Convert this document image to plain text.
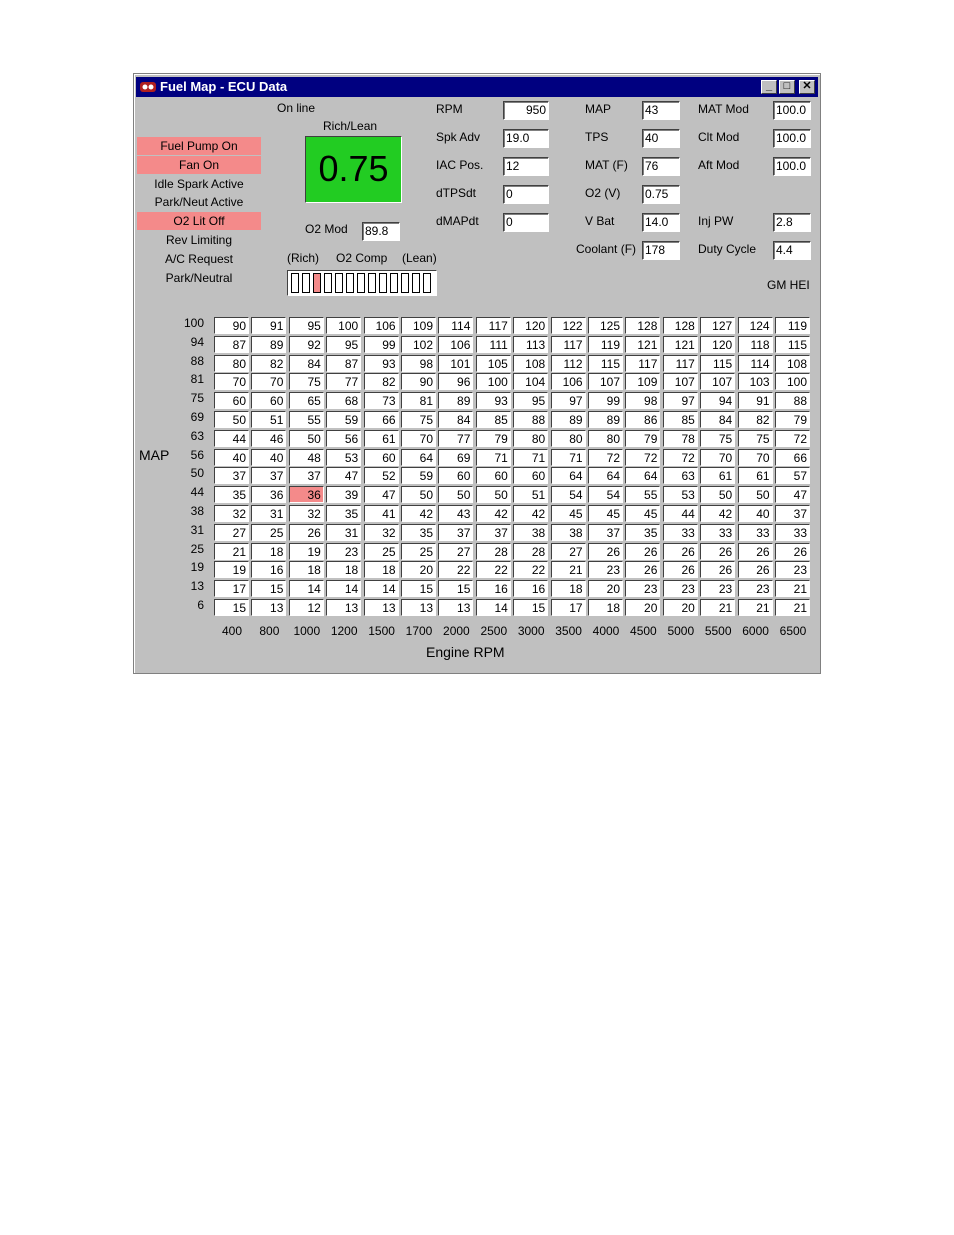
Fuel Map - ECU Data	_	□	✕
On line
Rich/Lean
0.75
Fuel Pump On
Fan On
Idle Spark Active
Park/Neut Active
O2 Lit Off
Rev Limiting
A/C Request
Park/Neutral
O2 Mod 89.8
(Rich) O2 Comp (Lean)
RPM	950
Spk Adv 19.0
IAC Pos. 12
dTPSdt 0
dMAPdt 0
MAP	43
TPS	40
MAT (F) 76
O2 (V) 0.75
V Bat	14.0
Coolant (F) 178
MAT Mod 100.0
Clt Mod	100.0
Aft Mod	100.0
Inj PW	2.8
Duty Cycle 4.4
GM HEI
MAP
100
94
88
81
75
69
63
56
50
44
38
31
25
19
13
6
90	91	95	100	106	109	114	117	120	122	125	128	128	127	124	119
87	89	92	95	99	102	106	111	113	117	119	121	121	120	118	115
80	82	84	87	93	98	101	105	108	112	115	117	117	115	114	108
70	70	75	77	82	90	96	100	104	106	107	109	107	107	103	100
60	60	65	68	73	81	89	93	95	97	99	98	97	94	91	88
50	51	55	59	66	75	84	85	88	89	89	86	85	84	82	79
44	46	50	56	61	70	77	79	80	80	80	79	78	75	75	72
40	40	48	53	60	64	69	71	71	71	72	72	72	70	70	66
37	37	37	47	52	59	60	60	60	64	64	64	63	61	61	57
35	36	36	39	47	50	50	50	51	54	54	55	53	50	50	47
32	31	32	35	41	42	43	42	42	45	45	45	44	42	40	37
27	25	26	31	32	35	37	37	38	38	37	35	33	33	33	33
21	18	19	23	25	25	27	28	28	27	26	26	26	26	26	26
19	16	18	18	18	20	22	22	22	21	23	26	26	26	26	23
17	15	14	14	14	15	15	16	16	18	20	23	23	23	23	21
15	13	12	13	13	13	13	14	15	17	18	20	20	21	21	21
400	800	1000 1200 1500 1700 2000 2500 3000 3500 4000 4500 5000 5500 6000 6500
Engine RPM
